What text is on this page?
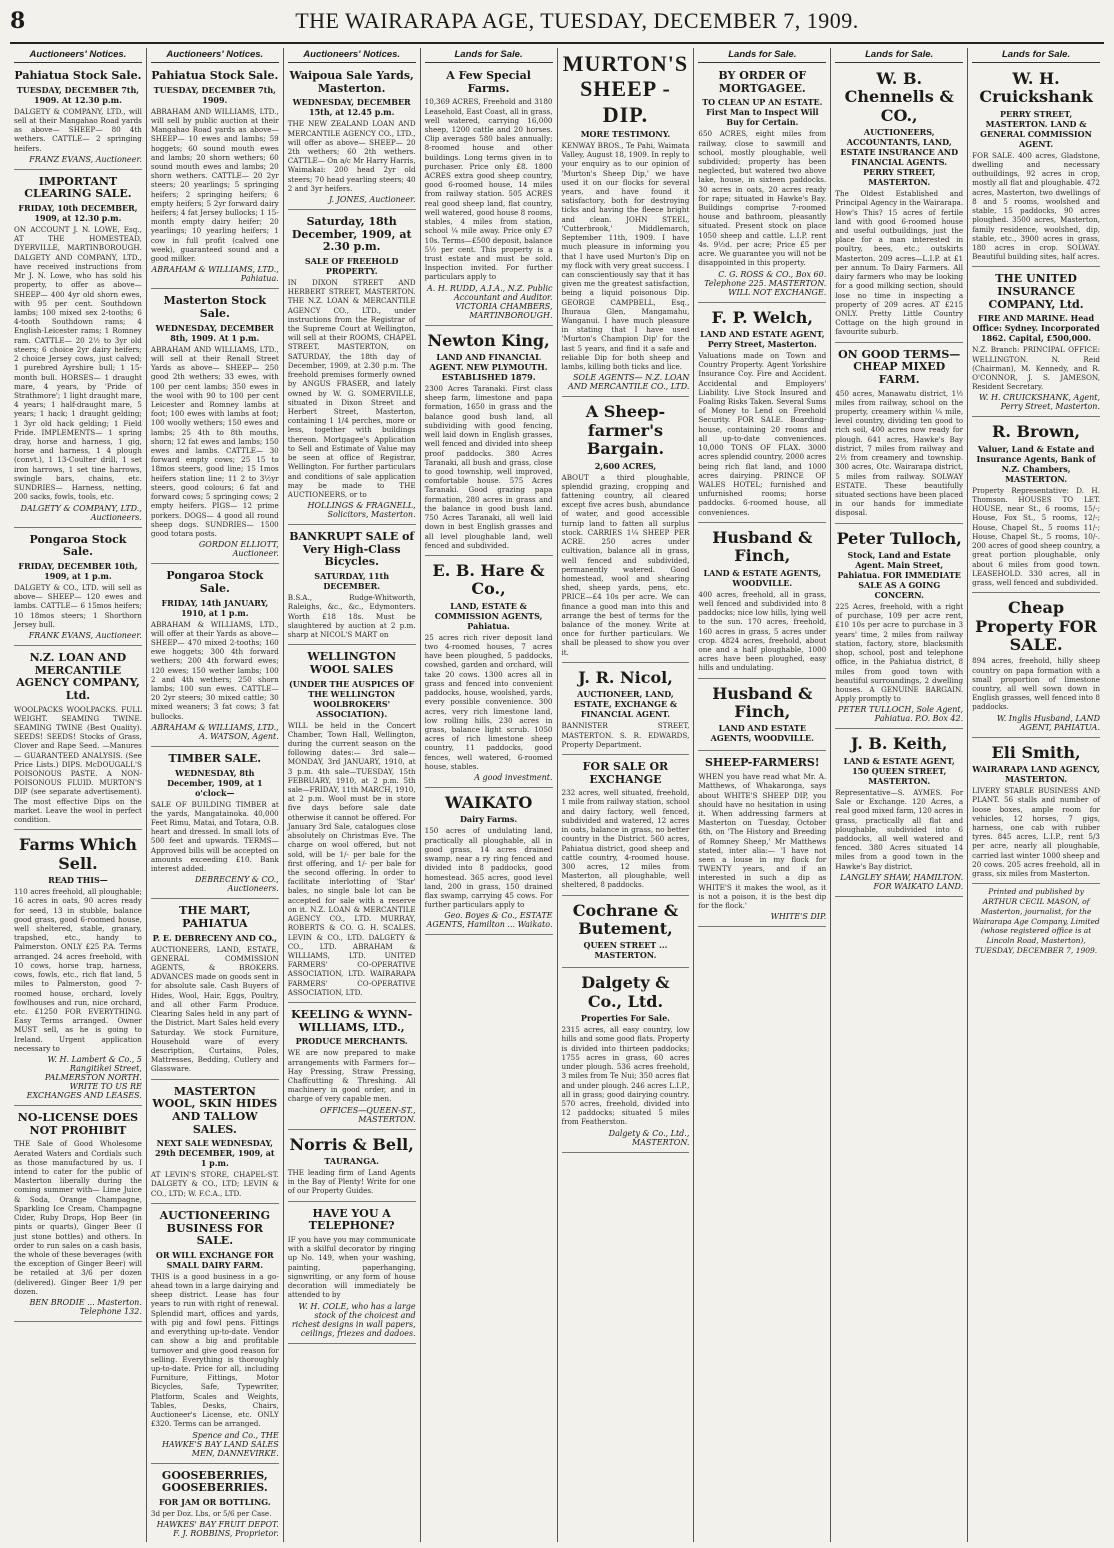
8	THE WAIRARAPA AGE, TUESDAY, DECEMBER 7, 1909.
Auctioneers' Notices.
Pahiatua Stock Sale.
TUESDAY, DECEMBER 7th, 1909. At 12.30 p.m.
DALGETY & COMPANY, LTD., will sell at their Mangahao Road yards as above— SHEEP— 80 4th wethers. CATTLE— 2 springing heifers.
FRANZ EVANS, Auctioneer.
IMPORTANT CLEARING SALE.
FRIDAY, 10th DECEMBER, 1909, at 12.30 p.m.
ON ACCOUNT J. N. LOWE, Esq., AT THE HOMESTEAD, DYERVILLE, MARTINBOROUGH. DALGETY AND COMPANY, LTD., have received instructions from Mr J. N. Lowe, who has sold his property, to offer as above— SHEEP— 400 4yr old shorn ewes, with 95 per cent. Southdown lambs; 100 mixed sex 2-tooths; 6 4-tooth Southdown rams; 4 English-Leicester rams; 1 Romney ram. CATTLE— 20 2½ to 3yr old steers; 6 choice 2yr dairy heifers; 2 choice Jersey cows, just calved; 1 purebred Ayrshire bull; 1 15-month bull. HORSES— 1 draught mare, 4 years, by 'Pride of Strathmore'; 1 light draught mare, 4 years; 1 half-draught mare, 5 years; 1 hack; 1 draught gelding; 1 3yr old hack gelding; 1 Field Pride. IMPLEMENTS— 1 spring dray, horse and harness, 1 gig, horse and harness, 1 4 plough (convt.), 1 13-Coulter drill, 1 set iron harrows, 1 set tine harrows, swingle bars, chains, etc. SUNDRIES— Harness, netting, 200 sacks, fowls, tools, etc.
DALGETY & COMPANY, LTD., Auctioneers.
Pongaroa Stock Sale.
FRIDAY, DECEMBER 10th, 1909, at 1 p.m.
DALGETY & CO., LTD. will sell as above— SHEEP— 120 ewes and lambs. CATTLE— 6 15mos heifers; 10 18mos steers; 1 Shorthorn Jersey bull.
FRANK EVANS, Auctioneer.
N.Z. LOAN AND MERCANTILE AGENCY COMPANY, Ltd.
WOOLPACKS WOOLPACKS. FULL WEIGHT. SEAMING TWINE. SEAMING TWINE (Best Quality). SEEDS! SEEDS! Stocks of Grass, Clover and Rape Seed. —Manures— GUARANTEED ANALYSIS. (See Price Lists.) DIPS. McDOUGALL'S POISONOUS PASTE. A NON-POISONOUS FLUID. MURTON'S DIP (see separate advertisement). The most effective Dips on the market. Leave the wool in perfect condition.
Farms Which Sell.
READ THIS—
110 acres freehold, all ploughable; 16 acres in oats, 90 acres ready for seed, 13 in stubble, balance good grass, good 6-roomed house, well sheltered, stable, granary, trapshed, etc., handy to Palmerston. ONLY £25 P.A. Terms arranged. 24 acres freehold, with 10 cows, horse trap, harness, cows, fowls, etc., rich flat land, 5 miles to Palmerston, good 7-roomed house, orchard, lovely fowlhouses and run, nice orchard, etc. £1250 FOR EVERYTHING. Easy Terms arranged. Owner MUST sell, as he is going to Ireland. Urgent application necessary to
W. H. Lambert & Co., 5 Rangitikei Street, PALMERSTON NORTH. WRITE TO US RE EXCHANGES AND LEASES.
NO-LICENSE DOES NOT PROHIBIT
THE Sale of Good Wholesome Aerated Waters and Cordials such as those manufactured by us. I intend to cater for the public of Masterton liberally during the coming summer with— Lime Juice & Soda, Orange Champagne, Sparkling Ice Cream, Champagne Cider, Ruby Drops, Hop Beer (in pints or quarts), Ginger Beer (I just stone bottles) and others. In order to run sales on a cash basis, the whole of these beverages (with the exception of Ginger Beer) will be retailed at 3/6 per dozen (delivered). Ginger Beer 1/9 per dozen.
BEN BRODIE ... Masterton. Telephone 132.
Auctioneers' Notices.
Pahiatua Stock Sale.
TUESDAY, DECEMBER 7th, 1909.
ABRAHAM AND WILLIAMS, LTD., will sell by public auction at their Mangahao Road yards as above— SHEEP— 10 ewes and lambs; 59 hoggets; 60 sound mouth ewes and lambs; 20 shorn wethers; 60 sound mouth ewes and lambs; 20 shorn wethers. CATTLE— 20 2yr steers; 20 yearlings; 5 springing heifers; 2 springing heifers; 6 empty heifers; 5 2yr forward dairy heifers; 4 fat Jersey bullocks; 1 15-month empty dairy heifer; 20 yearlings; 10 yearling heifers; 1 cow in full profit (calved one week), guaranteed sound and a good milker.
ABRAHAM & WILLIAMS, LTD., Pahiatua.
Masterton Stock Sale.
WEDNESDAY, DECEMBER 8th, 1909. At 1 p.m.
ABRAHAM AND WILLIAMS, LTD., will sell at their Renall Street Yards as above— SHEEP— 250 good 2th wethers; 33 ewes, with 100 per cent lambs; 350 ewes in the wool with 90 to 100 per cent Leicester and Romney lambs at foot; 100 ewes with lambs at foot; 100 woolly wethers; 150 ewes and lambs; 25 4th to 8th mouths, shorn; 12 fat ewes and lambs; 150 ewes and lambs. CATTLE— 30 forward empty cows; 25 15 to 18mos steers, good line; 15 1mos heifers station line; 11 2 to 3½yr steers, good colours; 6 fat and forward cows; 5 springing cows; 2 empty heifers. PIGS— 12 prime porkers. DOGS— 4 good all round sheep dogs. SUNDRIES— 1500 good totara posts.
GORDON ELLIOTT, Auctioneer.
Pongaroa Stock Sale.
FRIDAY, 14th JANUARY, 1910, at 1 p.m.
ABRAHAM & WILLIAMS, LTD., will offer at their Yards as above— SHEEP— 470 mixed 2-tooths; 160 ewe hoggets; 300 4th forward wethers; 200 4th forward ewes; 120 ewes; 150 wether lambs; 100 2 and 4th wethers; 250 shorn lambs; 100 sun ewes. CATTLE— 20 2yr steers; 30 mixed cattle; 30 mixed weaners; 3 fat cows; 3 fat bullocks.
ABRAHAM & WILLIAMS, LTD., A. WATSON, Agent.
TIMBER SALE.
WEDNESDAY, 8th December, 1909, at 1 o'clock—
SALE OF BUILDING TIMBER at the yards, Mangatainoka. 40,000 Feet Rimu, Matai, and Totara, O.B. heart and dressed. In small lots of 500 feet and upwards. TERMS—Approved bills will be accepted on amounts exceeding £10. Bank interest added.
DEBRECENY & CO., Auctioneers.
THE MART, PAHIATUA
P. E. DEBRECENY AND CO.,
AUCTIONEERS, LAND, ESTATE, GENERAL COMMISSION AGENTS, & BROKERS. ADVANCES made on goods sent in for absolute sale. Cash Buyers of Hides, Wool, Hair, Eggs, Poultry, and all other Farm Produce. Clearing Sales held in any part of the District. Mart Sales held every Saturday. We stock Furniture, Household ware of every description, Curtains, Poles, Mattresses, Bedding, Cutlery and Glassware.
MASTERTON WOOL, SKIN HIDES AND TALLOW SALES.
NEXT SALE WEDNESDAY, 29th DECEMBER, 1909, at 1 p.m.
AT LEVIN'S STORE, CHAPEL-ST. DALGETY & CO., LTD; LEVIN & CO., LTD; W. F.C.A., LTD.
AUCTIONEERING BUSINESS FOR SALE.
OR WILL EXCHANGE FOR SMALL DAIRY FARM.
THIS is a good business in a go-ahead town in a large dairying and sheep district. Lease has four years to run with right of renewal. Splendid mart, offices and yards, with pig and fowl pens. Fittings and everything up-to-date. Vendor can show a big and profitable turnover and give good reason for selling. Everything is thoroughly up-to-date. Price for all, including Furniture, Fittings, Motor Bicycles, Safe, Typewriter, Platform, Scales and Weights, Tables, Desks, Chairs, Auctioneer's License, etc. ONLY £320. Terms can be arranged.
Spence and Co., THE HAWKE'S BAY LAND SALES MEN, DANNEVIRKE.
GOOSEBERRIES, GOOSEBERRIES.
FOR JAM OR BOTTLING.
3d per Doz. Lbs, or 5/6 per Case.
HAWKES' BAY FRUIT DEPOT. F. J. ROBBINS, Proprietor.
Auctioneers' Notices.
Waipoua Sale Yards, Masterton.
WEDNESDAY, DECEMBER 15th, at 12.45 p.m.
THE NEW ZEALAND LOAN AND MERCANTILE AGENCY CO., LTD., will offer as above— SHEEP— 20 2th wethers; 60 2th wethers. CATTLE— On a/c Mr Harry Harris, Waimakai: 200 head 2yr old steers; 70 head yearling steers; 40 2 and 3yr heifers.
J. JONES, Auctioneer.
Saturday, 18th December, 1909, at 2.30 p.m.
SALE OF FREEHOLD PROPERTY.
IN DIXON STREET AND HERBERT STREET, MASTERTON. THE N.Z. LOAN & MERCANTILE AGENCY CO., LTD., under instructions from the Registrar of the Supreme Court at Wellington, will sell at their ROOMS, CHAPEL STREET, MASTERTON, on SATURDAY, the 18th day of December, 1909, at 2.30 p.m. The freehold premises formerly owned by ANGUS FRASER, and lately owned by W. G. SOMERVILLE, situated in Dixon Street and Herbert Street, Masterton, containing 1 1/4 perches, more or less, together with buildings thereon. Mortgagee's Application to Sell and Estimate of Value may be seen at office of Registrar, Wellington. For further particulars and conditions of sale application may be made to THE AUCTIONEERS, or to
HOLLINGS & FRAGNELL, Solicitors, Masterton.
BANKRUPT SALE of Very High-Class Bicycles.
SATURDAY, 11th DECEMBER.
B.S.A., Rudge-Whitworth, Raleighs, &c., &c., Edymonters. Worth £18 18s. Must be slaughtered by auction at 2 p.m. sharp at NICOL'S MART on
WELLINGTON WOOL SALES
(UNDER THE AUSPICES OF THE WELLINGTON WOOLBROKERS' ASSOCIATION).
WILL be held in the Concert Chamber, Town Hall, Wellington, during the current season on the following dates:— 3rd sale—MONDAY, 3rd JANUARY, 1910, at 3 p.m. 4th sale—TUESDAY, 15th FEBRUARY, 1910, at 2 p.m. 5th sale—FRIDAY, 11th MARCH, 1910, at 2 p.m. Wool must be in store five days before sale date otherwise it cannot be offered. For January 3rd Sale, catalogues close absolutely on Christmas Eve. The charge on wool offered, but not sold, will be 1/- per bale for the first offering, and 1/- per bale for the second offering. In order to facilitate interlotting of 'Star' bales, no single bale lot can be accepted for sale with a reserve on it. N.Z. LOAN & MERCANTILE AGENCY CO., LTD. MURRAY, ROBERTS & CO. G. H. SCALES. LEVIN & CO., LTD. DALGETY & CO., LTD. ABRAHAM & WILLIAMS, LTD. UNITED FARMERS' CO-OPERATIVE ASSOCIATION, LTD. WAIRARAPA FARMERS' CO-OPERATIVE ASSOCIATION, LTD.
KEELING & WYNN-WILLIAMS, LTD.,
PRODUCE MERCHANTS.
WE are now prepared to make arrangements with Farmers for— Hay Pressing, Straw Pressing, Chaffcutting & Threshing. All machinery in good order, and in charge of very capable men.
OFFICES—QUEEN-ST., MASTERTON.
Norris & Bell,
TAURANGA.
THE leading firm of Land Agents in the Bay of Plenty! Write for one of our Property Guides.
HAVE YOU A TELEPHONE?
IF you have you may communicate with a skilful decorator by ringing up No. 149, when your washing, painting, paperhanging, signwriting, or any form of house decoration will immediately be attended to by
W. H. COLE, who has a large stock of the choicest and richest designs in wall papers, ceilings, friezes and dadoes.
Lands for Sale.
A Few Special Farms.
10,369 ACRES, Freehold and 3180 Leasehold, East Coast, all in grass, well watered, carrying 16,000 sheep, 1200 cattle and 20 horses. Clip averages 580 bales annually; 8-roomed house and other buildings. Long terms given in to purchaser. Price only £8. 1800 ACRES extra good sheep country, good 6-roomed house, 14 miles from railway station. 505 ACRES real good sheep land, flat country, well watered, good house 8 rooms, stables, 4 miles from station, school ¼ mile away. Price only £7 10s. Terms—£500 deposit, balance 5½ per cent. This property is a trust estate and must be sold. Inspection invited. For further particulars apply to
A. H. RUDD, A.I.A., N.Z. Public Accountant and Auditor. VICTORIA CHAMBERS, MARTINBOROUGH.
Newton King,
LAND AND FINANCIAL AGENT. NEW PLYMOUTH. ESTABLISHED 1879.
2300 Acres Taranaki. First class sheep farm, limestone and papa formation, 1650 in grass and the balance good bush land, all subdividing with good fencing, well laid down in English grasses, well fenced and divided into sheep proof paddocks. 380 Acres Taranaki, all bush and grass, close to good township, well improved, comfortable house. 575 Acres Taranaki. Good grazing papa formation, 280 acres in grass and the balance in good bush land. 750 Acres Taranaki, all well laid down in best English grasses and all level ploughable land, well fenced and subdivided.
E. B. Hare & Co.,
LAND, ESTATE & COMMISSION AGENTS, Pahiatua.
25 acres rich river deposit land two 4-roomed houses, 7 acres have been ploughed, 5 paddocks, cowshed, garden and orchard, will take 20 cows. 1300 acres all in grass and fenced into convenient paddocks, house, woolshed, yards, every possible convenience. 300 acres, very rich limestone land, low rolling hills, 230 acres in grass, balance light scrub. 1050 acres of rich limestone sheep country, 11 paddocks, good fences, well watered, 6-roomed house, stables.
A good investment.
WAIKATO
Dairy Farms.
150 acres of undulating land, practically all ploughable, all in good grass, 14 acres drained swamp, near a ry ring fenced and divided into 8 paddocks, good homestead. 365 acres, good level land, 200 in grass, 150 drained flax swamp, carrying 45 cows. For further particulars apply to
Geo. Boyes & Co., ESTATE AGENTS, Hamilton ... Waikato.
MURTON'S SHEEP - DIP.
MORE TESTIMONY.
KENWAY BROS., Te Pahi, Waimata Valley, August 18, 1909. In reply to your enquiry as to our opinion of 'Murton's Sheep Dip,' we have used it on our flocks for several years, and have found it satisfactory, both for destroying ticks and having the fleece bright and clean. JOHN STEEL, 'Cutterbrook,' Middlemarch, September 11th, 1909. I have much pleasure in informing you that I have used Murton's Dip on my flock with very great success. I can conscientiously say that it has given me the greatest satisfaction, being a liquid poisonous Dip. GEORGE CAMPBELL, Esq., Ihuraua Glen, Mangamahu, Wanganui. I have much pleasure in stating that I have used 'Murton's Champion Dip' for the last 5 years, and find it a safe and reliable Dip for both sheep and lambs, killing both ticks and lice.
SOLE AGENTS— N.Z. LOAN AND MERCANTILE CO., LTD.
A Sheep-farmer's Bargain.
2,600 ACRES,
ABOUT a third ploughable, splendid grazing, cropping and fattening country, all cleared except five acres bush, abundance of water, and good accessible turnip land to fatten all surplus stock. CARRIES 1¼ SHEEP PER ACRE. 250 acres under cultivation, balance all in grass, well fenced and subdivided, permanently watered. Good homestead, wool and shearing shed, sheep yards, pens, etc. PRICE—£4 10s per acre. We can finance a good man into this and arrange the best of terms for the balance of the money. Write at once for further particulars. We shall be pleased to show you over it.
J. R. Nicol,
AUCTIONEER, LAND, ESTATE, EXCHANGE & FINANCIAL AGENT.
BANNISTER STREET, MASTERTON. S. R. EDWARDS, Property Department.
FOR SALE OR EXCHANGE
232 acres, well situated, freehold, 1 mile from railway station, school and dairy factory, well fenced, subdivided and watered, 12 acres in oats, balance in grass, no better country in the District. 560 acres, Pahiatua district, good sheep and cattle country, 4-roomed house. 300 acres, 12 miles from Masterton, all ploughable, well sheltered, 8 paddocks.
Cochrane & Butement,
QUEEN STREET ... MASTERTON.
Dalgety & Co., Ltd.
Properties For Sale.
2315 acres, all easy country, low hills and some good flats. Property is divided into thirteen paddocks; 1755 acres in grass, 60 acres under plough. 536 acres freehold, 3 miles from Te Nui; 350 acres flat and under plough. 246 acres L.I.P., all in grass; good dairying country. 570 acres, freehold, divided into 12 paddocks; situated 5 miles from Featherston.
Dalgety & Co., Ltd., MASTERTON.
Lands for Sale.
BY ORDER OF MORTGAGEE.
TO CLEAN UP AN ESTATE. First Man to Inspect Will Buy for Certain.
650 ACRES, eight miles from railway, close to sawmill and school, mostly ploughable, well subdivided; property has been neglected, but watered two above lake, house, in sixteen paddocks. 30 acres in oats, 20 acres ready for rape; situated in Hawke's Bay. Buildings comprise 7-roomed house and bathroom, pleasantly situated. Present stock on place 1050 sheep and cattle. L.I.P. rent 4s. 9½d. per acre; Price £5 per acre. We guarantee you will not be disappointed in this property.
C. G. ROSS & CO., Box 60. Telephone 225. MASTERTON. WILL NOT EXCHANGE.
F. P. Welch,
LAND AND ESTATE AGENT, Perry Street, Masterton.
Valuations made on Town and Country Property. Agent Yorkshire Insurance Coy. Fire and Accident. Accidental and Employers' Liability. Live Stock Insured and Foaling Risks Taken. Several Sums of Money to Lend on Freehold Security. FOR SALE. Boarding-house, containing 20 rooms and all up-to-date conveniences. 10,000 TONS OF FLAX. 3000 acres splendid country, 2000 acres being rich flat land, and 1000 acres dairying. PRINCE OF WALES HOTEL; furnished and unfurnished rooms; horse paddocks. 6-roomed house, all conveniences.
Husband & Finch,
LAND & ESTATE AGENTS, WOODVILLE.
400 acres, freehold, all in grass, well fenced and subdivided into 8 paddocks; nice low hills, lying well to the sun. 170 acres, freehold, 160 acres in grass, 5 acres under crop. 4824 acres, freehold, about one and a half ploughable, 1000 acres have been ploughed, easy hills and undulating.
Husband & Finch,
LAND AND ESTATE AGENTS, WOODVILLE.
SHEEP-FARMERS!
WHEN you have read what Mr. A. Matthews, of Whakaronga, says about WHITE'S SHEEP DIP, you should have no hesitation in using it. When addressing farmers at Masterton on Tuesday, October 6th, on 'The History and Breeding of Romney Sheep,' Mr Matthews stated, inter alia:— 'I have not seen a louse in my flock for TWENTY years, and if an interested in such a dip as WHITE'S it makes the wool, as it is not a poison, it is the best dip for the flock.'
WHITE'S DIP.
Lands for Sale.
W. B. Chennells & CO.,
AUCTIONEERS, ACCOUNTANTS, LAND, ESTATE INSURANCE AND FINANCIAL AGENTS. PERRY STREET, MASTERTON.
The Oldest Established and Principal Agency in the Wairarapa. How's This? 15 acres of fertile land with good 6-roomed house and useful outbuildings, just the place for a man interested in poultry, bees, etc.; outskirts Masterton. 209 acres—L.I.P. at £1 per annum. To Dairy Farmers. All dairy farmers who may be looking for a good milking section, should lose no time in inspecting a property of 209 acres. AT £215 ONLY. Pretty Little Country Cottage on the high ground in favourite suburb.
ON GOOD TERMS—CHEAP MIXED FARM.
450 acres, Manawatu district, 1½ miles from railway, school on the property, creamery within ¼ mile, level country, dividing ten good to rich soil, 400 acres now ready for plough. 641 acres, Hawke's Bay district, 7 miles from railway and 2½ from creamery and township. 300 acres, Otc. Wairarapa district, 5 miles from railway. SOLWAY ESTATE. These beautifully situated sections have been placed in our hands for immediate disposal.
Peter Tulloch,
Stock, Land and Estate Agent. Main Street, Pahiatua. FOR IMMEDIATE SALE AS A GOING CONCERN.
225 Acres, freehold, with a right of purchase, 109 per acre rent, £10 10s per acre to purchase in 3 years' time, 2 miles from railway station, factory, store, blacksmith shop, school, post and telephone office, in the Pahiatua district, 8 miles from good town with beautiful surroundings, 2 dwelling houses. A GENUINE BARGAIN. Apply promptly to
PETER TULLOCH, Sole Agent, Pahiatua. P.O. Box 42.
J. B. Keith,
LAND & ESTATE AGENT, 150 QUEEN STREET, MASTERTON.
Representative—S. AYMES. For Sale or Exchange. 120 Acres, a real good mixed farm, 120 acres in grass, practically all flat and ploughable, subdivided into 6 paddocks, all well watered and fenced. 380 Acres situated 14 miles from a good town in the Hawke's Bay district.
LANGLEY SHAW, HAMILTON. FOR WAIKATO LAND.
Lands for Sale.
W. H. Cruickshank
PERRY STREET, MASTERTON. LAND & GENERAL COMMISSION AGENT.
FOR SALE. 400 acres, Gladstone, dwelling and necessary outbuildings, 92 acres in crop, mostly all flat and ploughable. 472 acres, Masterton, two dwellings of 8 and 5 rooms, woolshed and stable, 15 paddocks, 90 acres ploughed. 3500 acres, Masterton, family residence, woolshed, dip, stable, etc., 3900 acres in grass, 180 acres in crop. SOLWAY. Beautiful building sites, half acres.
THE UNITED INSURANCE COMPANY, Ltd.
FIRE AND MARINE. Head Office: Sydney. Incorporated 1862. Capital, £500,000.
N.Z. Branch: PRINCIPAL OFFICE: WELLINGTON. N. Reid (Chairman), M. Kennedy, and R. O'CONNOR, J. S. JAMESON, Resident Secretary.
W. H. CRUICKSHANK, Agent, Perry Street, Masterton.
R. Brown,
Valuer, Land & Estate and Insurance Agents, Bank of N.Z. Chambers, MASTERTON.
Property Representative: D. H. Thomson. HOUSES TO LET. HOUSE, near St., 6 rooms, 15/-; House, Fox St., 5 rooms, 12/-; House, Chapel St., 5 rooms 11/-; House, Chapel St., 5 rooms, 10/-. 200 acres of good sheep country, a great portion ploughable, only about 6 miles from good town. LEASEHOLD. 330 acres, all in grass, well fenced and subdivided.
Cheap Property FOR SALE.
894 acres, freehold, hilly sheep country on papa formation with a small proportion of limestone country, all well sown down in English grasses, well fenced into 8 paddocks.
W. Inglis Husband, LAND AGENT, PAHIATUA.
Eli Smith,
WAIRARAPA LAND AGENCY, MASTERTON.
LIVERY STABLE BUSINESS AND PLANT. 56 stalls and number of loose boxes, ample room for vehicles, 12 horses, 7 gigs, harness, one cab with rubber tyres. 845 acres, L.I.P., rent 5/3 per acre, nearly all ploughable, carried last winter 1000 sheep and 20 cows. 205 acres freehold, all in grass, six miles from Masterton.
Printed and published by ARTHUR CECIL MASON, of Masterton, journalist, for the Wairarapa Age Company, Limited (whose registered office is at Lincoln Road, Masterton), TUESDAY, DECEMBER 7, 1909.
